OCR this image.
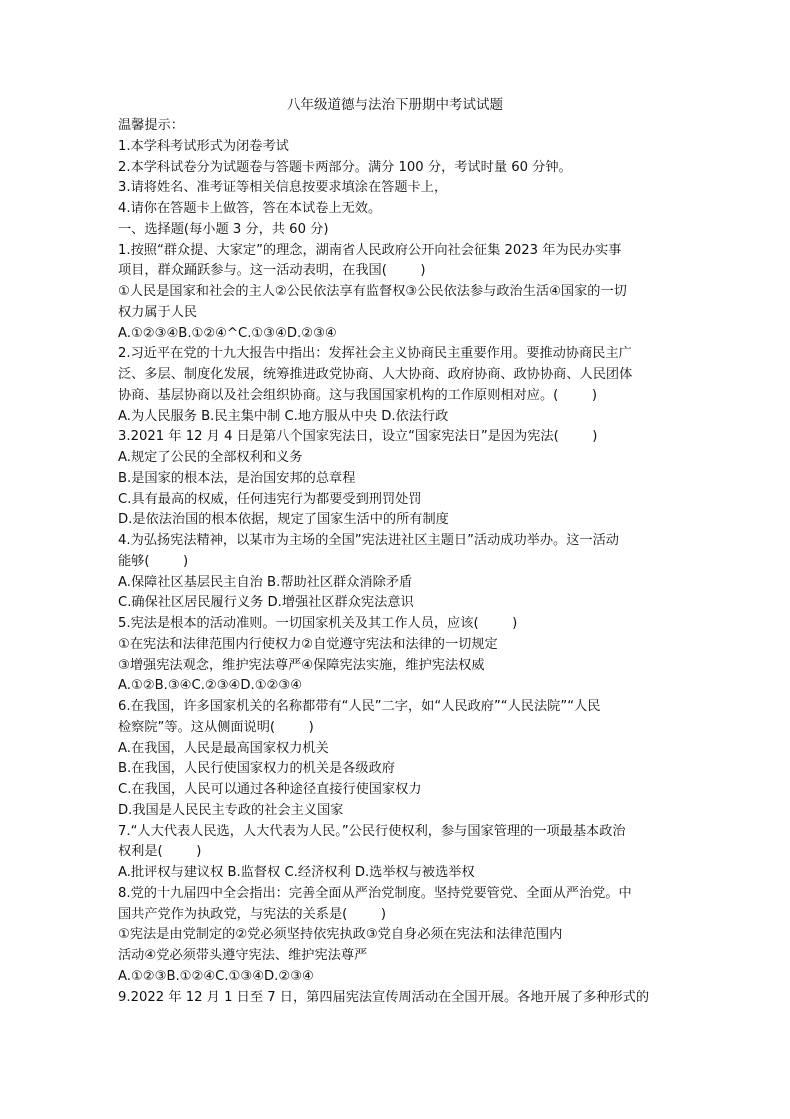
八年级道德与法治下册期中考试试题
温馨提示：
1.本学科考试形式为闭卷考试
2.本学科试卷分为试题卷与答题卡两部分。满分 100 分，考试时量 60 分钟。
3.请将姓名、准考证等相关信息按要求填涂在答题卡上，
4.请你在答题卡上做答，答在本试卷上无效。
一、选择题(每小题 3 分，共 60 分)
1.按照“群众提、大家定”的理念，湖南省人民政府公开向社会征集 2023 年为民办实事
项目，群众踊跃参与。这一活动表明，在我国(        )
①人民是国家和社会的主人②公民依法享有监督权③公民依法参与政治生活④国家的一切
权力属于人民
A.①②③④B.①②④^C.①③④D.②③④
2.习近平在党的十九大报告中指出：发挥社会主义协商民主重要作用。要推动协商民主广
泛、多层、制度化发展，统筹推进政党协商、人大协商、政府协商、政协协商、人民团体
协商、基层协商以及社会组织协商。这与我国国家机构的工作原则相对应。(        )
A.为人民服务 B.民主集中制 C.地方服从中央 D.依法行政
3.2021 年 12 月 4 日是第八个国家宪法日，设立“国家宪法日”是因为宪法(        )
A.规定了公民的全部权利和义务
B.是国家的根本法，是治国安邦的总章程
C.具有最高的权威，任何违宪行为都要受到刑罚处罚
D.是依法治国的根本依据，规定了国家生活中的所有制度
4.为弘扬宪法精神，以某市为主场的全国”宪法进社区主题日”活动成功举办。这一活动
能够(        )
A.保障社区基层民主自治 B.帮助社区群众消除矛盾
C.确保社区居民履行义务 D.增强社区群众宪法意识
5.宪法是根本的活动准则。一切国家机关及其工作人员，应该(        )
①在宪法和法律范围内行使权力②自觉遵守宪法和法律的一切规定
③增强宪法观念，维护宪法尊严④保障宪法实施，维护宪法权威
A.①②B.③④C.②③④D.①②③④
6.在我国，许多国家机关的名称都带有“人民”二字，如“人民政府”“人民法院”“人民
检察院”等。这从侧面说明(        )
A.在我国，人民是最高国家权力机关
B.在我国，人民行使国家权力的机关是各级政府
C.在我国，人民可以通过各种途径直接行使国家权力
D.我国是人民民主专政的社会主义国家
7.“人大代表人民选，人大代表为人民。”公民行使权利，参与国家管理的一项最基本政治
权利是(        )
A.批评权与建议权 B.监督权 C.经济权利 D.选举权与被选举权
8.党的十九届四中全会指出：完善全面从严治党制度。坚持党要管党、全面从严治党。中
国共产党作为执政党，与宪法的关系是(        )
①宪法是由党制定的②党必须坚持依宪执政③党自身必须在宪法和法律范围内
活动④党必须带头遵守宪法、维护宪法尊严
A.①②③B.①②④C.①③④D.②③④
9.2022 年 12 月 1 日至 7 日，第四届宪法宣传周活动在全国开展。各地开展了多种形式的
